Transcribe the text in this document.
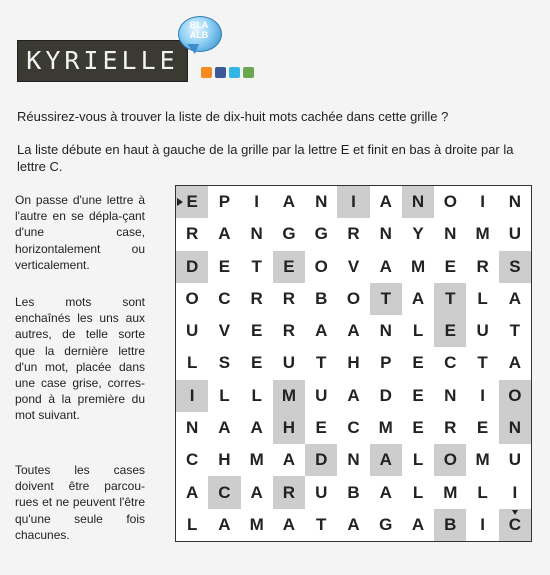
KYRIELLE
BLA
ALB
Réussirez-vous à trouver la liste de dix-huit mots cachée dans cette grille ?
La liste débute en haut à gauche de la grille par la lettre E et finit en bas à droite par la lettre C.
On passe d'une lettre à l'autre en se dépla-çant d'une case, horizontalement ou verticalement.
Les mots sont enchaînés les uns aux autres, de telle sorte que la dernière lettre d'un mot, placée dans une case grise, corres-pond à la première du mot suivant.
Toutes les cases doivent être parcou-rues et ne peuvent l'être qu'une seule fois chacunes.
E	P	I	A	N	I	A	N	O	I	N
R	A	N	G	G	R	N	Y	N	M	U
D	E	T	E	O	V	A	M	E	R	S
O	C	R	R	B	O	T	A	T	L	A
U	V	E	R	A	A	N	L	E	U	T
L	S	E	U	T	H	P	E	C	T	A
I	L	L	M	U	A	D	E	N	I	O
N	A	A	H	E	C	M	E	R	E	N
C	H	M	A	D	N	A	L	O	M	U
A	C	A	R	U	B	A	L	M	L	I
L	A	M	A	T	A	G	A	B	I	C
